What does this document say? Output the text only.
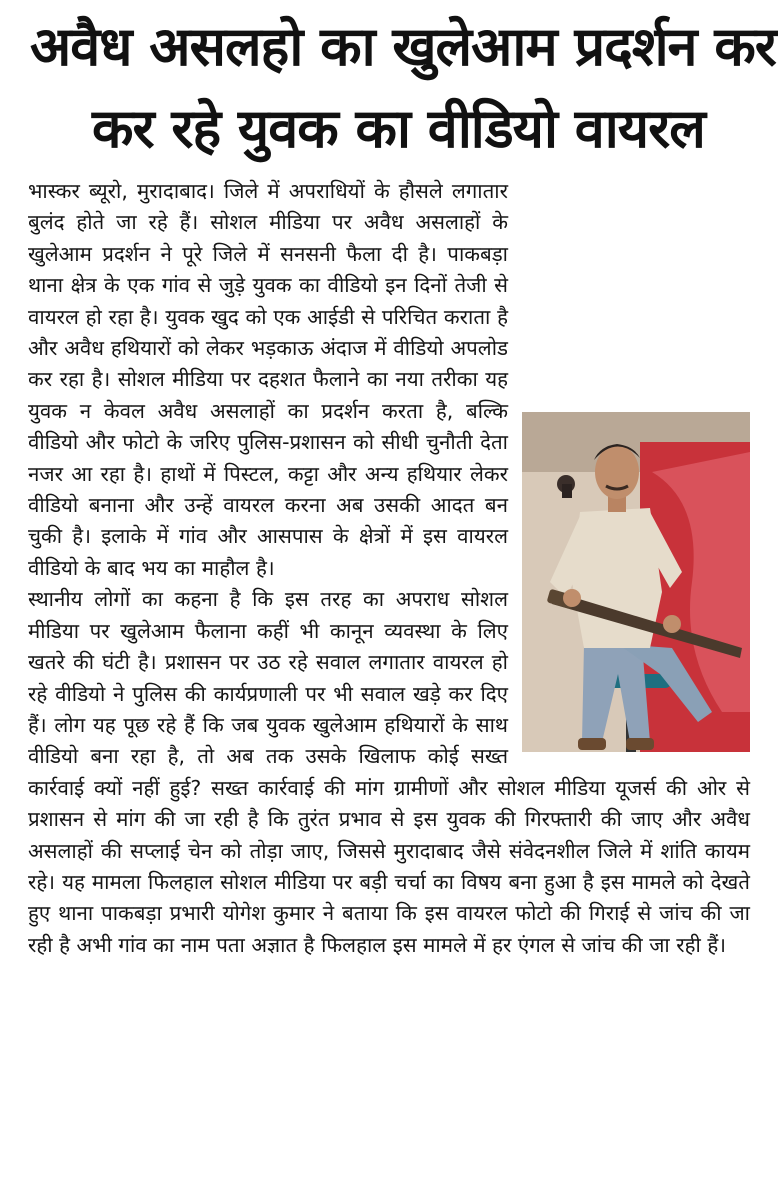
अवैध असलहो का खुलेआम प्रदर्शन कर
कर रहे युवक का वीडियो वायरल

भास्कर ब्यूरो, मुरादाबाद। जिले में अपराधियों के हौसले लगातार बुलंद होते जा रहे हैं। सोशल मीडिया पर अवैध असलाहों के खुलेआम प्रदर्शन ने पूरे जिले में सनसनी फैला दी है। पाकबड़ा थाना क्षेत्र के एक गांव से जुड़े युवक का वीडियो इन दिनों तेजी से वायरल हो रहा है। युवक खुद को एक आईडी से परिचित कराता है और अवैध हथियारों को लेकर भड़काऊ अंदाज में वीडियो अपलोड कर रहा है। सोशल मीडिया पर दहशत फैलाने का नया तरीका यह युवक न केवल अवैध असलाहों का प्रदर्शन करता है, बल्कि वीडियो और फोटो के जरिए पुलिस-प्रशासन को सीधी चुनौती देता नजर आ रहा है। हाथों में पिस्टल, कट्टा और अन्य हथियार लेकर वीडियो बनाना और उन्हें वायरल करना अब उसकी आदत बन चुकी है। इलाके में गांव और आसपास के क्षेत्रों में इस वायरल वीडियो के बाद भय का माहौल है।

स्थानीय लोगों का कहना है कि इस तरह का अपराध सोशल मीडिया पर खुलेआम फैलाना कहीं भी कानून व्यवस्था के लिए खतरे की घंटी है। प्रशासन पर उठ रहे सवाल लगातार वायरल हो रहे वीडियो ने पुलिस की कार्यप्रणाली पर भी सवाल खड़े कर दिए हैं। लोग यह पूछ रहे हैं कि जब युवक खुलेआम हथियारों के साथ वीडियो बना रहा है, तो अब तक उसके खिलाफ कोई सख्त कार्रवाई क्यों नहीं हुई? सख्त कार्रवाई की मांग ग्रामीणों और सोशल मीडिया यूजर्स की ओर से प्रशासन से मांग की जा रही है कि तुरंत प्रभाव से इस युवक की गिरफ्तारी की जाए और अवैध असलाहों की सप्लाई चेन को तोड़ा जाए, जिससे मुरादाबाद जैसे संवेदनशील जिले में शांति कायम रहे। यह मामला फिलहाल सोशल मीडिया पर बड़ी चर्चा का विषय बना हुआ है इस मामले को देखते हुए थाना पाकबड़ा प्रभारी योगेश कुमार ने बताया कि इस वायरल फोटो की गिराई से जांच की जा रही है अभी गांव का नाम पता अज्ञात है फिलहाल इस मामले में हर एंगल से जांच की जा रही हैं।
